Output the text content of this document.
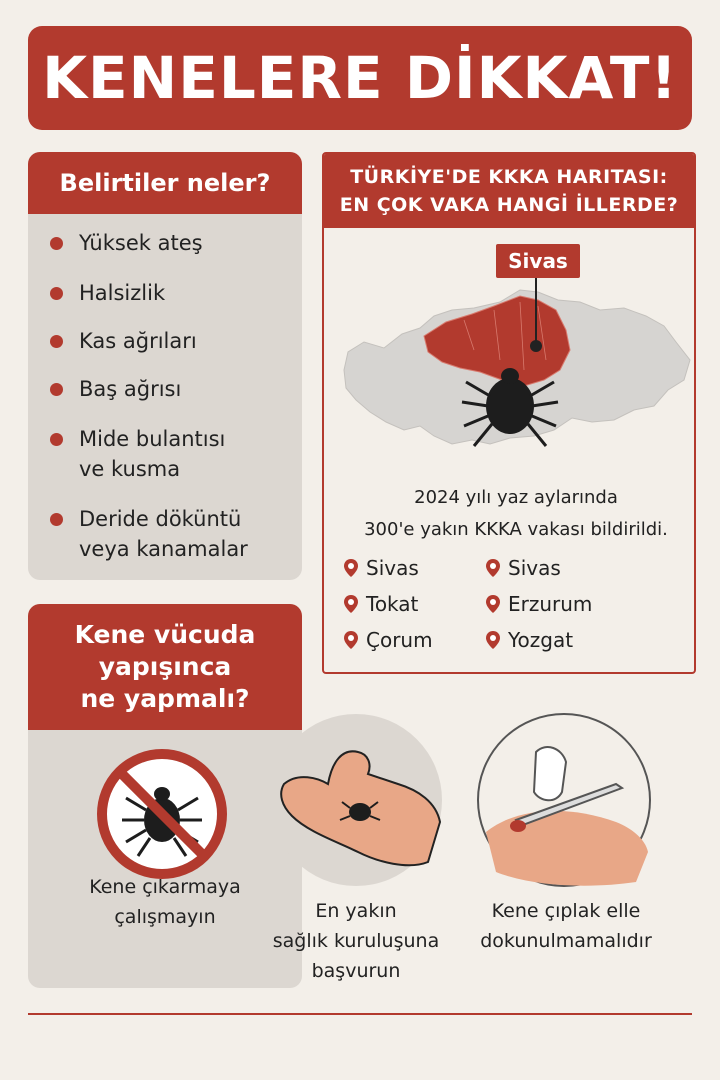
KENELERE DİKKAT!
Belirtiler neler?
Yüksek ateş
Halsizlik
Kas ağrıları
Baş ağrısı
Mide bulantısı
ve kusma
Deride döküntü
veya kanamalar
TÜRKİYE'DE KKKA HARITASI:
EN ÇOK VAKA HANGİ İLLERDE?
Sivas
2024 yılı yaz aylarında
300'e yakın KKKA vakası bildirildi.
Sivas
Tokat
Çorum
Sivas
Erzurum
Yozgat
Kene vücuda
yapışınca
ne yapmalı?
Kene çıkarmaya
çalışmayın	En yakın
sağlık kuruluşuna
başvurun
Kene çıplak elle
dokunulmamalıdır
